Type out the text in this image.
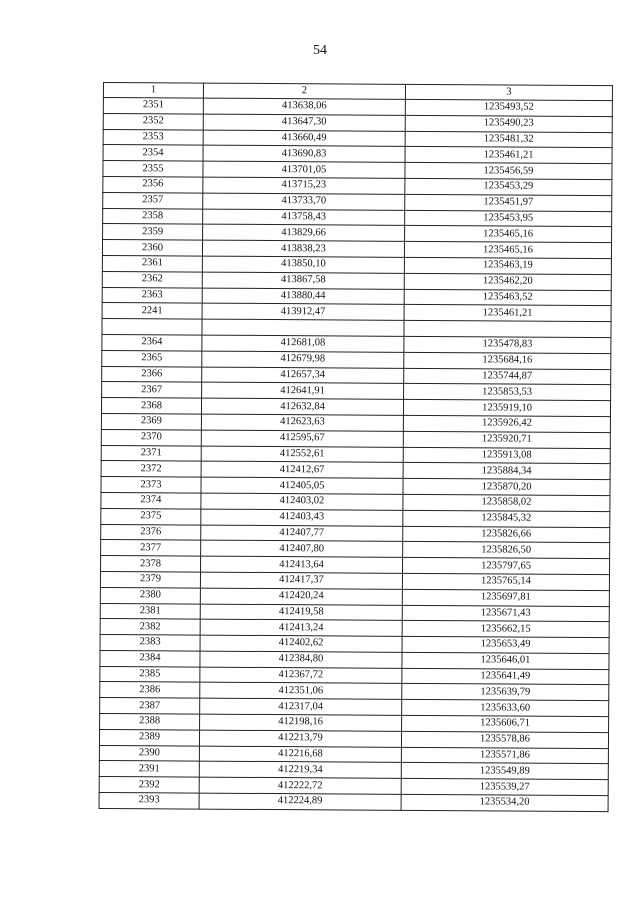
54
1	2	3
2351	413638,06	1235493,52
2352	413647,30	1235490,23
2353	413660,49	1235481,32
2354	413690,83	1235461,21
2355	413701,05	1235456,59
2356	413715,23	1235453,29
2357	413733,70	1235451,97
2358	413758,43	1235453,95
2359	413829,66	1235465,16
2360	413838,23	1235465,16
2361	413850,10	1235463,19
2362	413867,58	1235462,20
2363	413880,44	1235463,52
2241	413912,47	1235461,21

2364	412681,08	1235478,83
2365	412679,98	1235684,16
2366	412657,34	1235744,87
2367	412641,91	1235853,53
2368	412632,84	1235919,10
2369	412623,63	1235926,42
2370	412595,67	1235920,71
2371	412552,61	1235913,08
2372	412412,67	1235884,34
2373	412405,05	1235870,20
2374	412403,02	1235858,02
2375	412403,43	1235845,32
2376	412407,77	1235826,66
2377	412407,80	1235826,50
2378	412413,64	1235797,65
2379	412417,37	1235765,14
2380	412420,24	1235697,81
2381	412419,58	1235671,43
2382	412413,24	1235662,15
2383	412402,62	1235653,49
2384	412384,80	1235646,01
2385	412367,72	1235641,49
2386	412351,06	1235639,79
2387	412317,04	1235633,60
2388	412198,16	1235606,71
2389	412213,79	1235578,86
2390	412216,68	1235571,86
2391	412219,34	1235549,89
2392	412222,72	1235539,27
2393	412224,89	1235534,20
